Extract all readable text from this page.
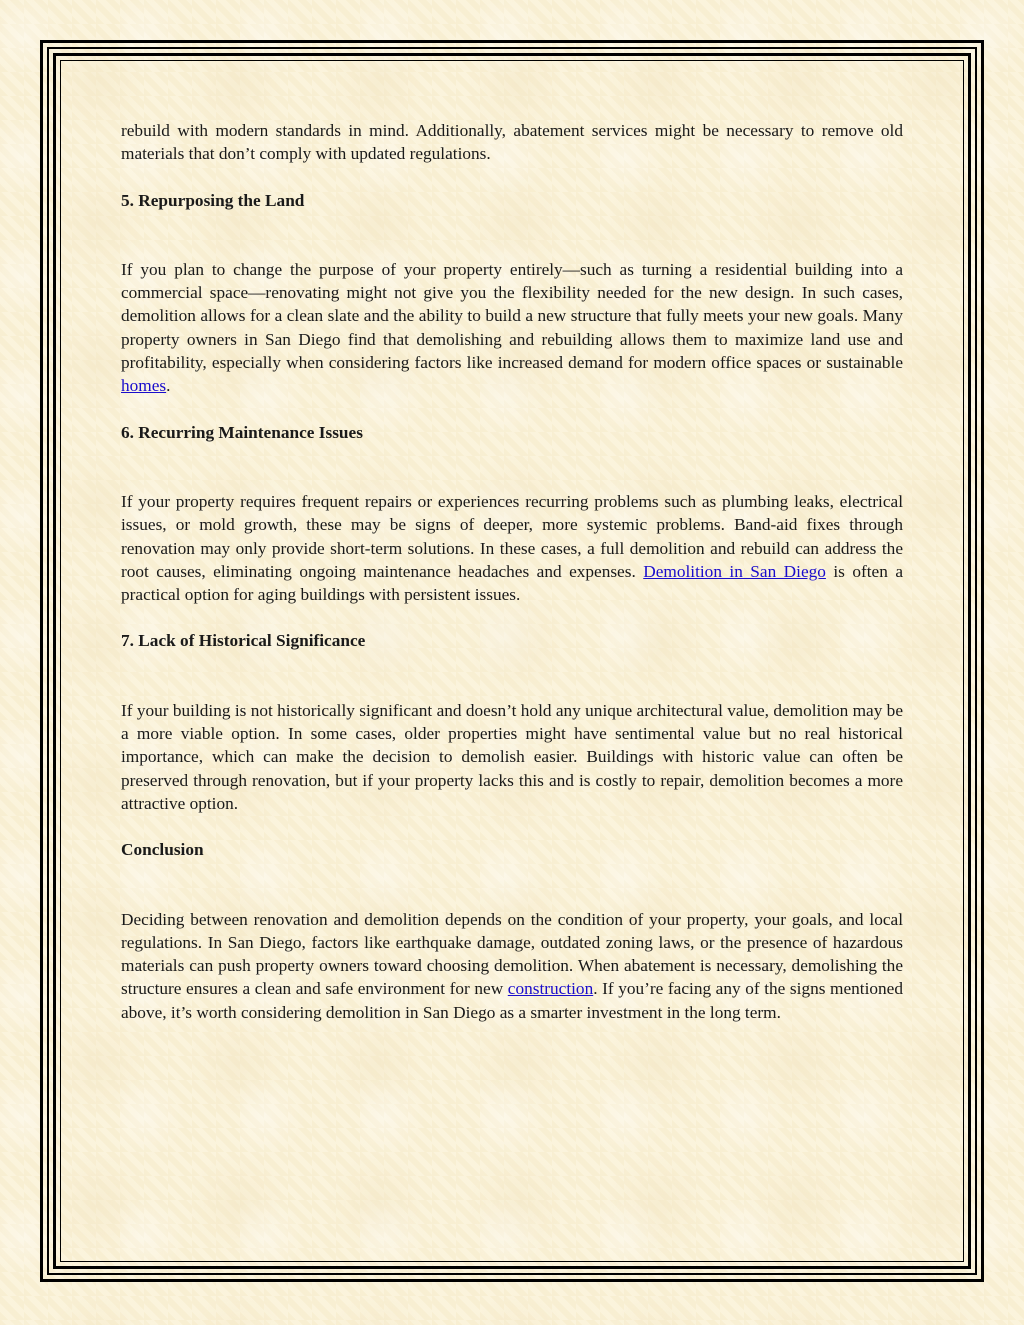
rebuild with modern standards in mind. Additionally, abatement services might be necessary to remove old materials that don’t comply with updated regulations.

5. Repurposing the Land

If you plan to change the purpose of your property entirely—such as turning a residential building into a commercial space—renovating might not give you the flexibility needed for the new design. In such cases, demolition allows for a clean slate and the ability to build a new structure that fully meets your new goals. Many property owners in San Diego find that demolishing and rebuilding allows them to maximize land use and profitability, especially when considering factors like increased demand for modern office spaces or sustainable homes.

6. Recurring Maintenance Issues

If your property requires frequent repairs or experiences recurring problems such as plumbing leaks, electrical issues, or mold growth, these may be signs of deeper, more systemic problems. Band-aid fixes through renovation may only provide short-term solutions. In these cases, a full demolition and rebuild can address the root causes, eliminating ongoing maintenance headaches and expenses. Demolition in San Diego is often a practical option for aging buildings with persistent issues.

7. Lack of Historical Significance

If your building is not historically significant and doesn’t hold any unique architectural value, demolition may be a more viable option. In some cases, older properties might have sentimental value but no real historical importance, which can make the decision to demolish easier. Buildings with historic value can often be preserved through renovation, but if your property lacks this and is costly to repair, demolition becomes a more attractive option.

Conclusion

Deciding between renovation and demolition depends on the condition of your property, your goals, and local regulations. In San Diego, factors like earthquake damage, outdated zoning laws, or the presence of hazardous materials can push property owners toward choosing demolition. When abatement is necessary, demolishing the structure ensures a clean and safe environment for new construction. If you’re facing any of the signs mentioned above, it’s worth considering demolition in San Diego as a smarter investment in the long term.
